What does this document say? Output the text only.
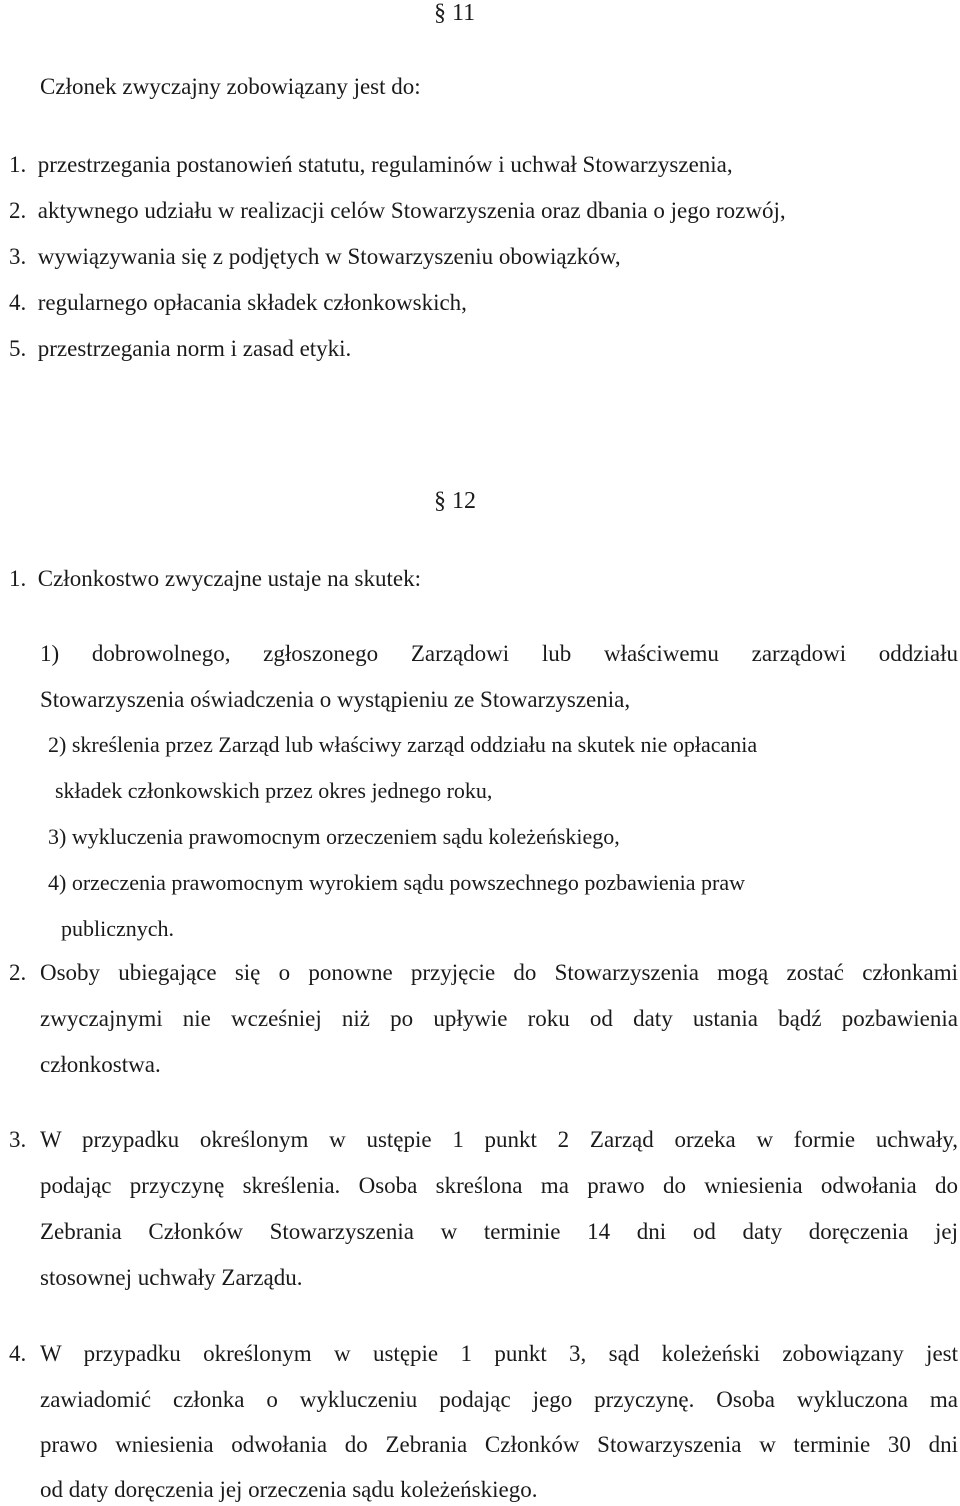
§ 11
Członek zwyczajny zobowiązany jest do:
1.  przestrzegania postanowień statutu, regulaminów i uchwał Stowarzyszenia,
2.  aktywnego udziału w realizacji celów Stowarzyszenia oraz dbania o jego rozwój,
3.  wywiązywania się z podjętych w Stowarzyszeniu obowiązków,
4.  regularnego opłacania składek członkowskich,
5.  przestrzegania norm i zasad etyki.
§ 12
1.  Członkostwo zwyczajne ustaje na skutek:
1) dobrowolnego, zgłoszonego Zarządowi lub właściwemu zarządowi oddziału
Stowarzyszenia oświadczenia o wystąpieniu ze Stowarzyszenia,
2) skreślenia przez Zarząd lub właściwy zarząd oddziału na skutek nie opłacania
składek członkowskich przez okres jednego roku,
3) wykluczenia prawomocnym orzeczeniem sądu koleżeńskiego,
4) orzeczenia prawomocnym wyrokiem sądu powszechnego pozbawienia praw
publicznych.
2. Osoby ubiegające się o ponowne przyjęcie do Stowarzyszenia mogą zostać członkami
zwyczajnymi nie wcześniej niż po upływie roku od daty ustania bądź pozbawienia
członkostwa.
3. W przypadku określonym w ustępie 1 punkt 2 Zarząd orzeka w formie uchwały,
podając przyczynę skreślenia. Osoba skreślona ma prawo do wniesienia odwołania do
Zebrania Członków Stowarzyszenia w terminie 14 dni od daty doręczenia jej
stosownej uchwały Zarządu.
4. W przypadku określonym w ustępie 1 punkt 3, sąd koleżeński zobowiązany jest
zawiadomić członka o wykluczeniu podając jego przyczynę. Osoba wykluczona ma
prawo wniesienia odwołania do Zebrania Członków Stowarzyszenia w terminie 30 dni
od daty doręczenia jej orzeczenia sądu koleżeńskiego.
